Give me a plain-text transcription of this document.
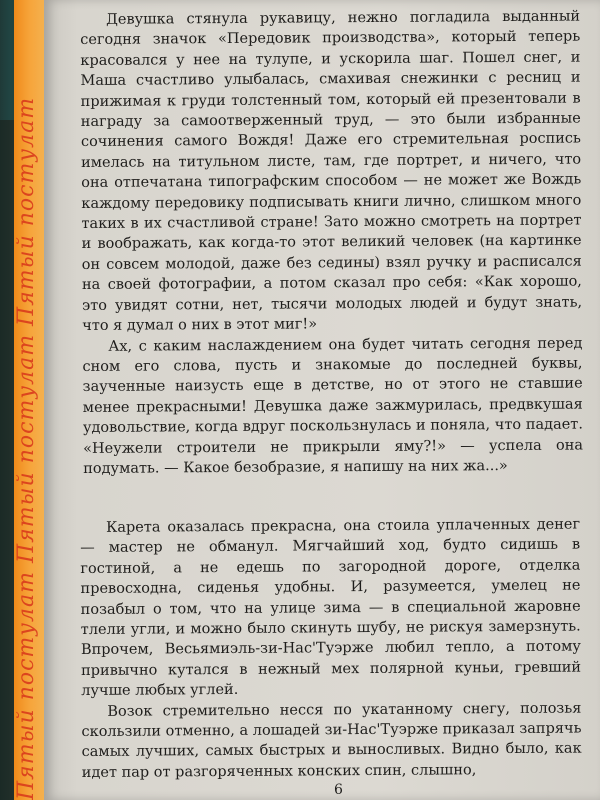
Пятый постулат Пятый постулат Пятый постулат

Девушка стянула рукавицу, нежно погладила выданный сегодня значок «Передовик производства», который теперь красовался у нее на тулупе, и ускорила шаг. Пошел снег, и Маша счастливо улыбалась, смахивая снежинки с ресниц и прижимая к груди толстенный том, который ей презентовали в награду за самоотверженный труд, — это были избранные сочинения самого Вождя! Даже его стремительная роспись имелась на титульном листе, там, где портрет, и ничего, что она отпечатана типографским способом — не может же Вождь каждому передовику подписывать книги лично, слишком много таких в их счастливой стране! Зато можно смотреть на портрет и воображать, как когда-то этот великий человек (на картинке он совсем молодой, даже без седины) взял ручку и расписался на своей фотографии, а потом сказал про себя: «Как хорошо, это увидят сотни, нет, тысячи молодых людей и будут знать, что я думал о них в этот миг!»

Ах, с каким наслаждением она будет читать сегодня перед сном его слова, пусть и знакомые до последней буквы, заученные наизусть еще в детстве, но от этого не ставшие менее прекрасными! Девушка даже зажмурилась, предвкушая удовольствие, когда вдруг поскользнулась и поняла, что падает. «Неужели строители не прикрыли яму?!» — успела она подумать. — Какое безобразие, я напишу на них жа...»

Карета оказалась прекрасна, она стоила уплаченных денег — мастер не обманул. Мягчайший ход, будто сидишь в гостиной, а не едешь по загородной дороге, отделка превосходна, сиденья удобны. И, разумеется, умелец не позабыл о том, что на улице зима — в специальной жаровне тлели угли, и можно было скинуть шубу, не рискуя замерзнуть. Впрочем, Весьямиэль-зи-Нас'Туэрже любил тепло, а потому привычно кутался в нежный мех полярной куньи, гревший лучше любых углей.

Возок стремительно несся по укатанному снегу, полозья скользили отменно, а лошадей зи-Нас'Туэрже приказал запрячь самых лучших, самых быстрых и выносливых. Видно было, как идет пар от разгоряченных конских спин, слышно,

6
